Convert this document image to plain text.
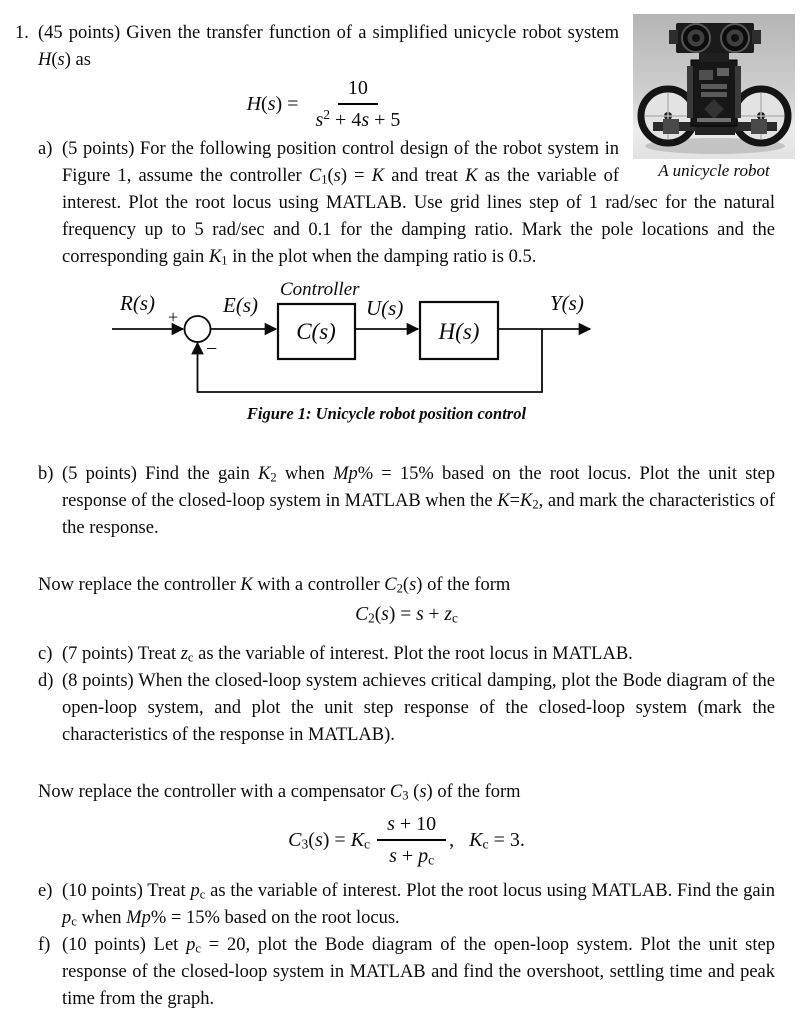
1.
A unicycle robot

(45 points) Given the transfer function of a simplified unicycle robot system H(s) as

$H(s) = \frac{10}{s^2 + 4s + 5}$
a) (5 points) For the following position control design of the robot system in Figure 1, assume the controller $C_1(s) = K$ and treat K as the variable of interest. Plot the root locus using MATLAB. Use grid lines step of 1 rad/sec for the natural frequency up to 5 rad/sec and 0.1 for the damping ratio. Mark the pole locations and the corresponding gain $K_1$ in the plot when the damping ratio is 0.5.
R(s)
+
−
E(s)
Controller
C(s)
U(s)
H(s)
Y(s)
Figure 1: Unicycle robot position control
b) (5 points) Find the gain $K_2$ when Mp% = 15% based on the root locus. Plot the unit step response of the closed-loop system in MATLAB when the $K=K_2$, and mark the characteristics of the response.

Now replace the controller K with a controller $C_2(s)$ of the form

$C_2(s) = s + z_c$
c) (7 points) Treat $z_c$ as the variable of interest. Plot the root locus in MATLAB.
d) (8 points) When the closed-loop system achieves critical damping, plot the Bode diagram of the open-loop system, and plot the unit step response of the closed-loop system (mark the characteristics of the response in MATLAB).

Now replace the controller with a compensator $C_3$ (s) of the form

$C_3(s) = K_c \frac{s + 10}{s + p_c}$ ,   $K_c = 3$.
e) (10 points) Treat $p_c$ as the variable of interest. Plot the root locus using MATLAB. Find the gain $p_c$ when Mp% = 15% based on the root locus.
f) (10 points) Let $p_c = 20$, plot the Bode diagram of the open-loop system. Plot the unit step response of the closed-loop system in MATLAB and find the overshoot, settling time and peak time from the graph.
